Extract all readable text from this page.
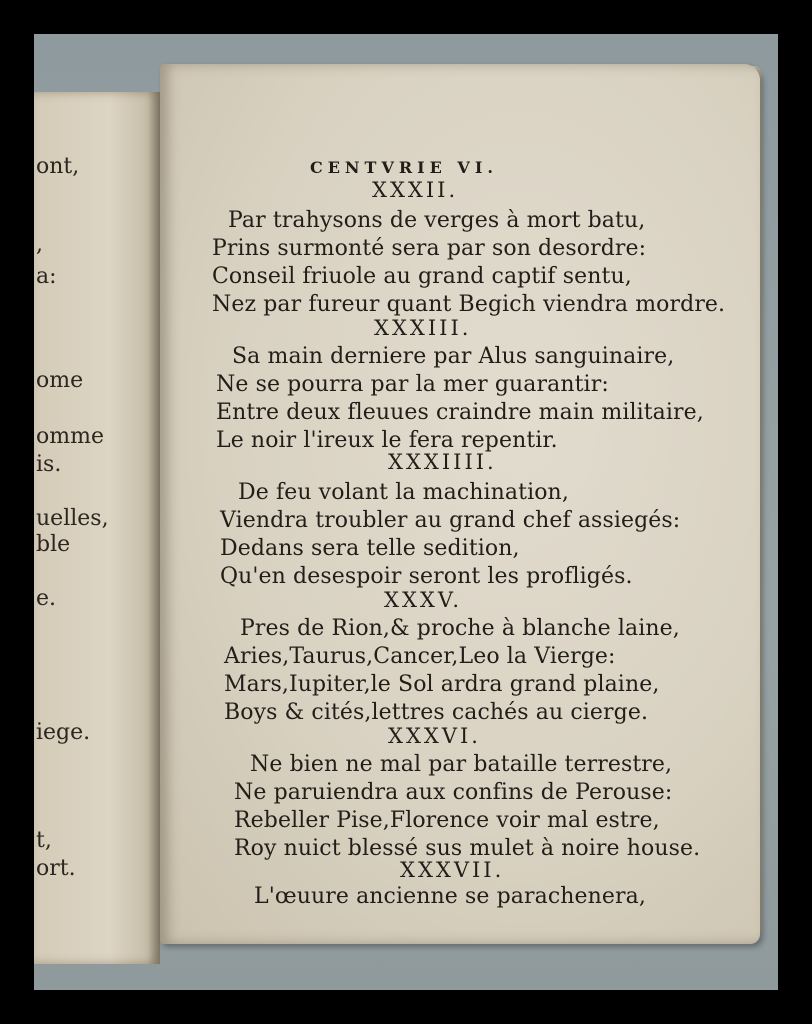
ont,
,
a:
ome
omme
is.
uelles,
ble
e.
iege.
t,
ort.
CENTVRIE VI.
XXXII.
Par trahysons de verges à mort batu,
Prins surmonté sera par son desordre:
Conseil friuole au grand captif sentu,
Nez par fureur quant Begich viendra mordre.
XXXIII.
Sa main derniere par Alus sanguinaire,
Ne se pourra par la mer guarantir:
Entre deux fleuues craindre main militaire,
Le noir l'ireux le fera repentir.
XXXIIII.
De feu volant la machination,
Viendra troubler au grand chef assiegés:
Dedans sera telle sedition,
Qu'en desespoir seront les profligés.
XXXV.
Pres de Rion,& proche à blanche laine,
Aries,Taurus,Cancer,Leo la Vierge:
Mars,Iupiter,le Sol ardra grand plaine,
Boys & cités,lettres cachés au cierge.
XXXVI.
Ne bien ne mal par bataille terrestre,
Ne paruiendra aux confins de Perouse:
Rebeller Pise,Florence voir mal estre,
Roy nuict blessé sus mulet à noire house.
XXXVII.
L'œuure ancienne se parachenera,
